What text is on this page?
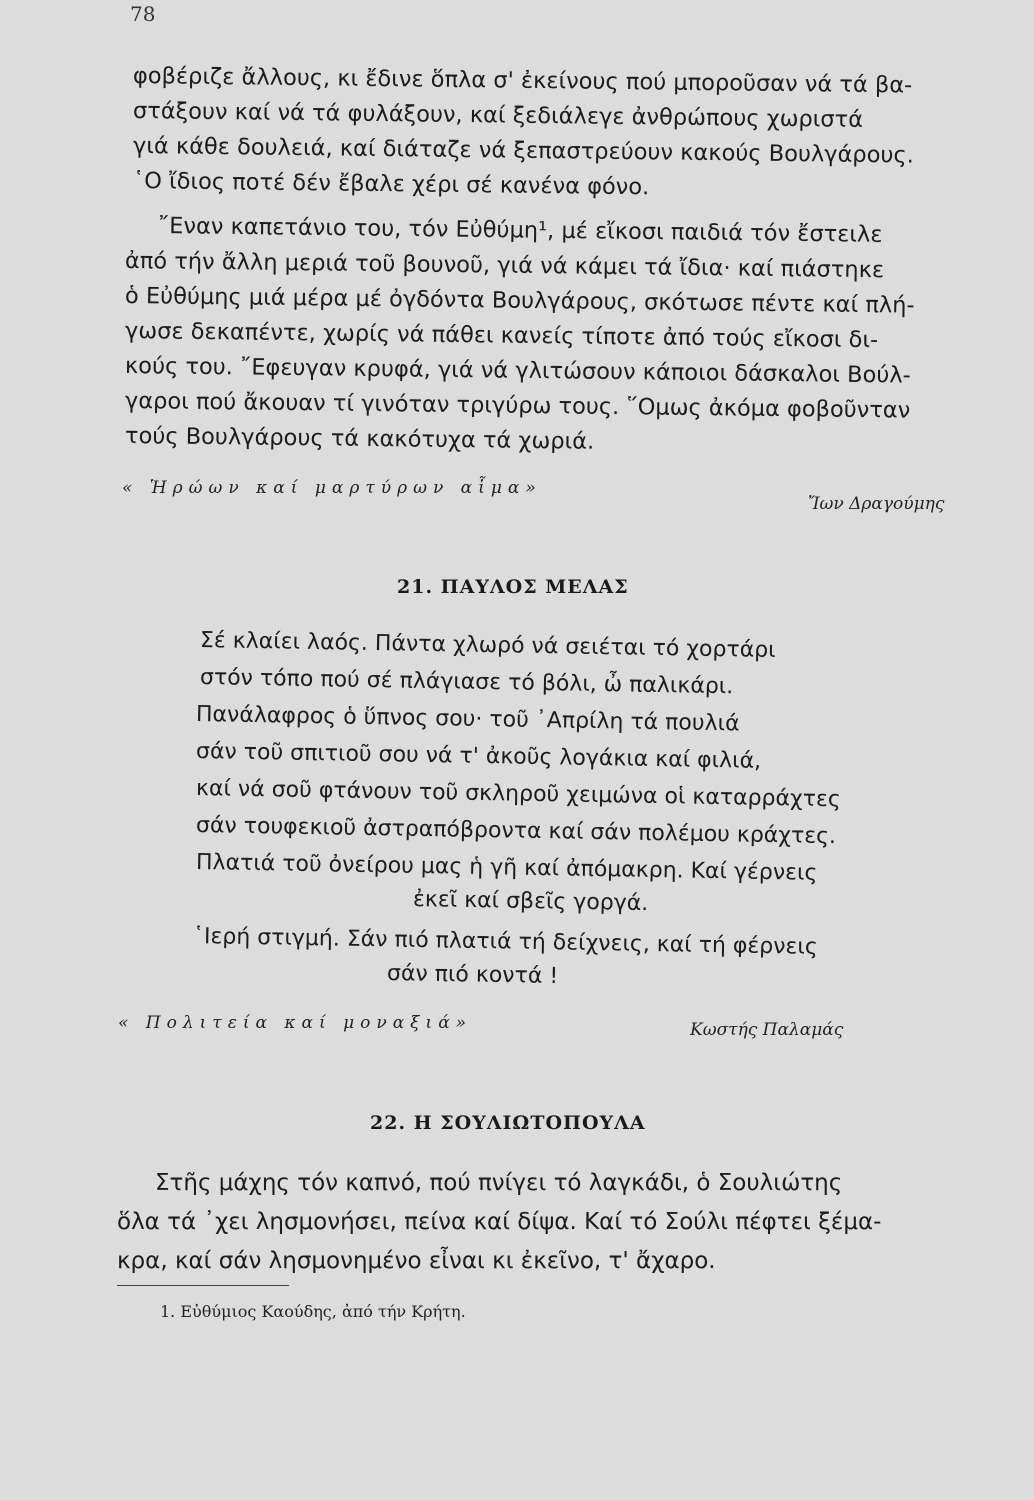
78
φοβέριζε ἄλλους, κι ἔδινε ὅπλα σ' ἐκείνους πού μποροῦσαν νά τά βα-
στάξουν καί νά τά φυλάξουν, καί ξεδιάλεγε ἀνθρώπους χωριστά
γιά κάθε δουλειά, καί διάταζε νά ξεπαστρεύουν κακούς Βουλγάρους.
῾Ο ἴδιος ποτέ δέν ἔβαλε χέρι σέ κανένα φόνο.
῎Εναν καπετάνιο του, τόν Εὐθύμη¹, μέ εἴκοσι παιδιά τόν ἔστειλε
ἀπό τήν ἄλλη μεριά τοῦ βουνοῦ, γιά νά κάμει τά ἴδια· καί πιάστηκε
ὁ Εὐθύμης μιά μέρα μέ ὀγδόντα Βουλγάρους, σκότωσε πέντε καί πλή-
γωσε δεκαπέντε, χωρίς νά πάθει κανείς τίποτε ἀπό τούς εἴκοσι δι-
κούς του. ῎Εφευγαν κρυφά, γιά νά γλιτώσουν κάποιοι δάσκαλοι Βούλ-
γαροι πού ἄκουαν τί γινόταν τριγύρω τους. ῞Ομως ἀκόμα φοβοῦνταν
τούς Βουλγάρους τά κακότυχα τά χωριά.
« Ἡρώων καί μαρτύρων αἷμα»
Ἴων Δραγούμης
21. ΠΑΥΛΟΣ ΜΕΛΑΣ
Σέ κλαίει λαός. Πάντα χλωρό νά σειέται τό χορτάρι
στόν τόπο πού σέ πλάγιασε τό βόλι, ὦ παλικάρι.
Πανάλαφρος ὁ ὕπνος σου· τοῦ ᾿Απρίλη τά πουλιά
σάν τοῦ σπιτιοῦ σου νά τ' ἀκοῦς λογάκια καί φιλιά,
καί νά σοῦ φτάνουν τοῦ σκληροῦ χειμώνα οἱ καταρράχτες
σάν τουφεκιοῦ ἀστραπόβροντα καί σάν πολέμου κράχτες.
Πλατιά τοῦ ὀνείρου μας ἡ γῆ καί ἀπόμακρη. Καί γέρνεις
ἐκεῖ καί σβεῖς γοργά.
῾Ιερή στιγμή. Σάν πιό πλατιά τή δείχνεις, καί τή φέρνεις
σάν πιό κοντά !
« Πολιτεία καί μοναξιά»	Κωστής Παλαμάς
22. Η ΣΟΥΛΙΩΤΟΠΟΥΛΑ
Στῆς μάχης τόν καπνό, πού πνίγει τό λαγκάδι, ὁ Σουλιώτης
ὅλα τά ᾿χει λησμονήσει, πείνα καί δίψα. Καί τό Σούλι πέφτει ξέμα-
κρα, καί σάν λησμονημένο εἶναι κι ἐκεῖνο, τ' ἄχαρο.
1. Εὐθύμιος Καούδης, ἀπό τήν Κρήτη.
